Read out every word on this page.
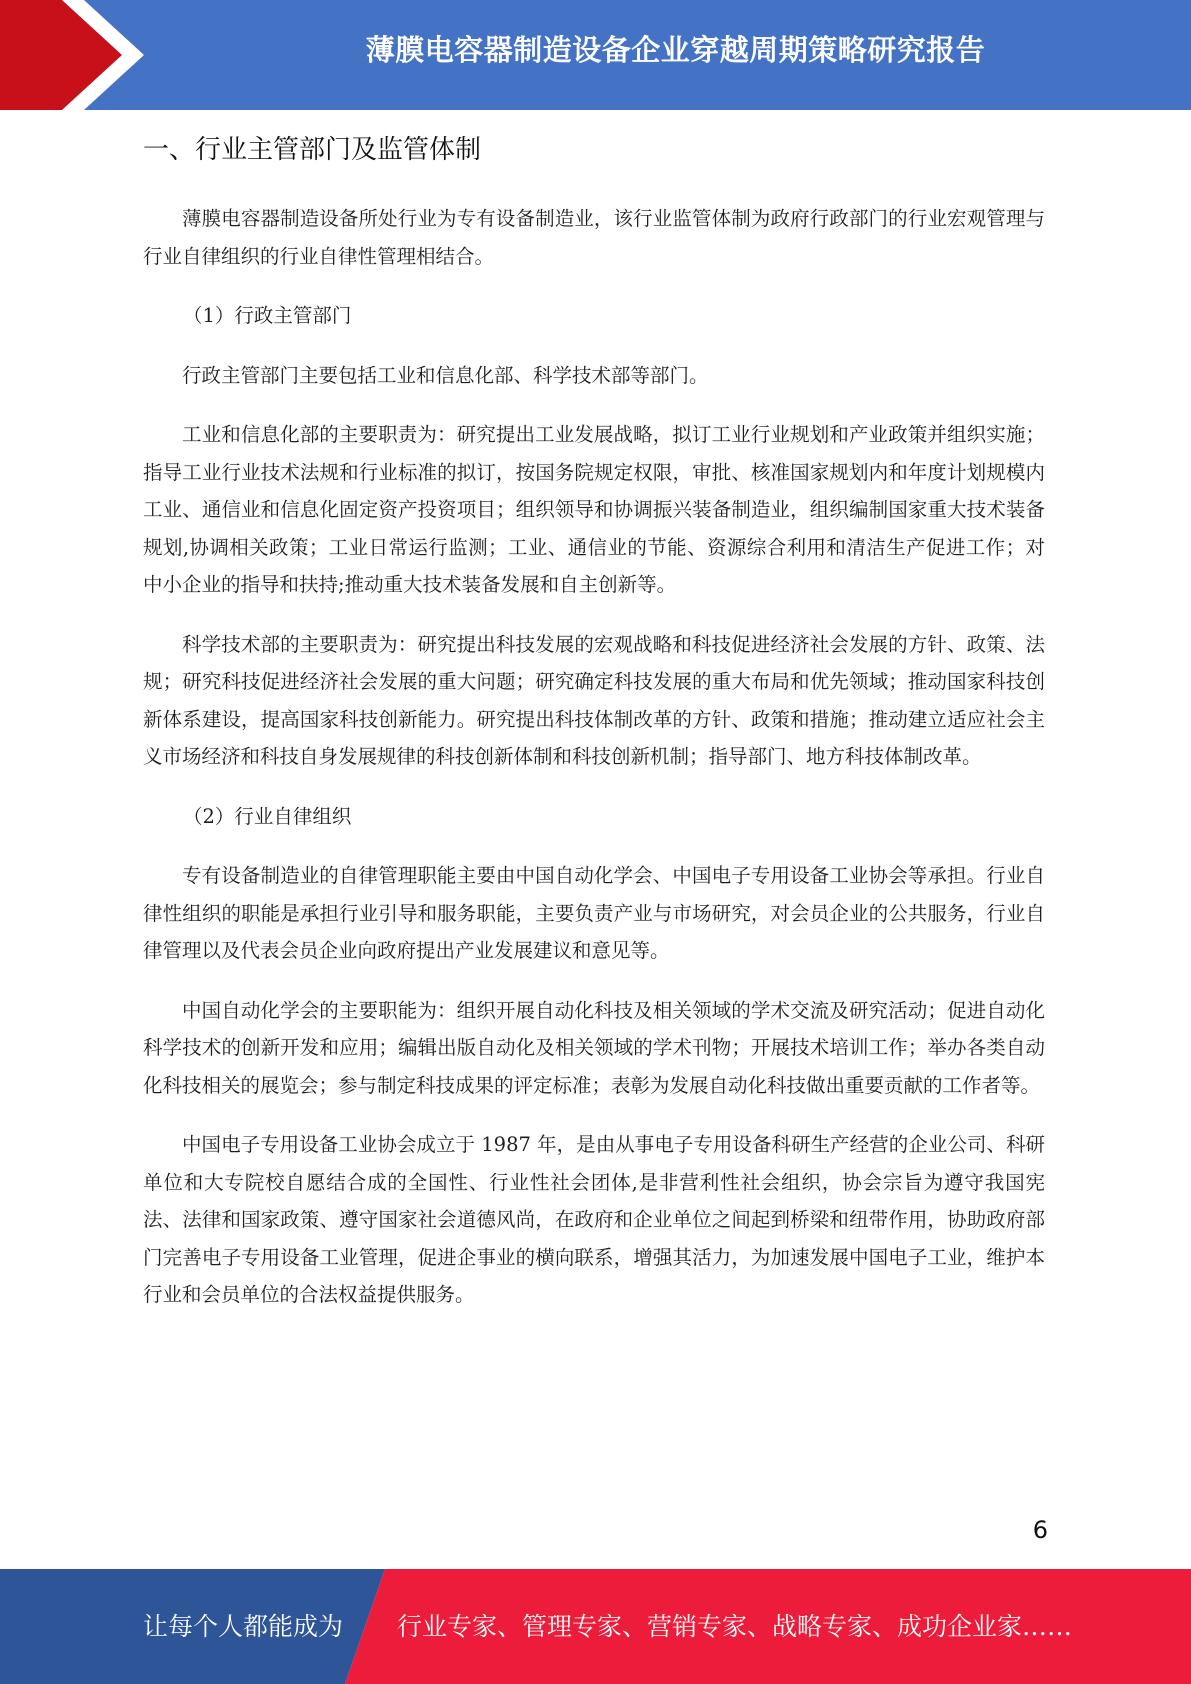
薄膜电容器制造设备企业穿越周期策略研究报告
一、行业主管部门及监管体制

薄膜电容器制造设备所处行业为专有设备制造业，该行业监管体制为政府行政部门的行业宏观管理与行业自律组织的行业自律性管理相结合。

（1）行政主管部门

行政主管部门主要包括工业和信息化部、科学技术部等部门。

工业和信息化部的主要职责为：研究提出工业发展战略，拟订工业行业规划和产业政策并组织实施；指导工业行业技术法规和行业标准的拟订，按国务院规定权限，审批、核准国家规划内和年度计划规模内工业、通信业和信息化固定资产投资项目；组织领导和协调振兴装备制造业，组织编制国家重大技术装备规划,协调相关政策；工业日常运行监测；工业、通信业的节能、资源综合利用和清洁生产促进工作；对中小企业的指导和扶持;推动重大技术装备发展和自主创新等。

科学技术部的主要职责为：研究提出科技发展的宏观战略和科技促进经济社会发展的方针、政策、法规；研究科技促进经济社会发展的重大问题；研究确定科技发展的重大布局和优先领域；推动国家科技创新体系建设，提高国家科技创新能力。研究提出科技体制改革的方针、政策和措施；推动建立适应社会主义市场经济和科技自身发展规律的科技创新体制和科技创新机制；指导部门、地方科技体制改革。

（2）行业自律组织

专有设备制造业的自律管理职能主要由中国自动化学会、中国电子专用设备工业协会等承担。行业自律性组织的职能是承担行业引导和服务职能，主要负责产业与市场研究，对会员企业的公共服务，行业自律管理以及代表会员企业向政府提出产业发展建议和意见等。

中国自动化学会的主要职能为：组织开展自动化科技及相关领域的学术交流及研究活动；促进自动化科学技术的创新开发和应用；编辑出版自动化及相关领域的学术刊物；开展技术培训工作；举办各类自动化科技相关的展览会；参与制定科技成果的评定标准；表彰为发展自动化科技做出重要贡献的工作者等。

中国电子专用设备工业协会成立于 1987 年，是由从事电子专用设备科研生产经营的企业公司、科研单位和大专院校自愿结合成的全国性、行业性社会团体,是非营利性社会组织，协会宗旨为遵守我国宪法、法律和国家政策、遵守国家社会道德风尚，在政府和企业单位之间起到桥梁和纽带作用，协助政府部门完善电子专用设备工业管理，促进企事业的横向联系，增强其活力，为加速发展中国电子工业，维护本行业和会员单位的合法权益提供服务。

6
让每个人都能成为 行业专家、管理专家、营销专家、战略专家、成功企业家……
